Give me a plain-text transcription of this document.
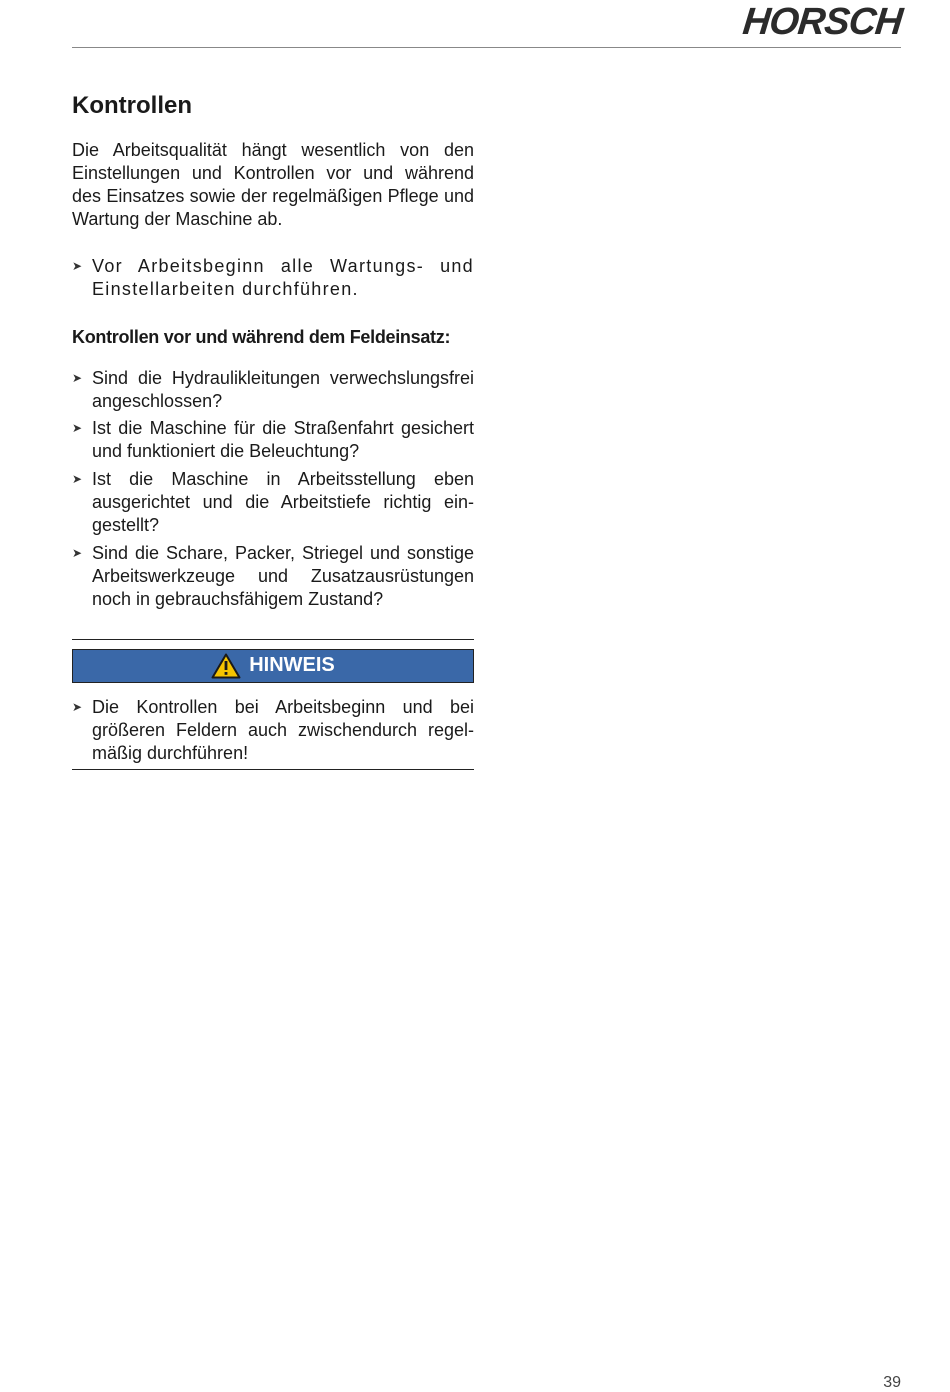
HORSCH
Kontrollen

Die Arbeitsqualität hängt wesentlich von den Einstellungen und Kontrollen vor und während des Einsatzes sowie der regelmäßigen Pflege und Wartung der Maschine ab.

➤ Vor Arbeitsbeginn alle Wartungs- und Einstellarbeiten durchführen.
Kontrollen vor und während dem Feldeinsatz:
➤ Sind die Hydraulikleitungen verwechslungsfrei angeschlossen?
➤ Ist die Maschine für die Straßenfahrt gesichert und funktioniert die Beleuchtung?
➤ Ist die Maschine in Arbeitsstellung eben ausgerichtet und die Arbeitstiefe richtig eingestellt?
➤ Sind die Schare, Packer, Striegel und sonstige Arbeitswerkzeuge und Zusatzausrüstungen noch in gebrauchsfähigem Zustand?
HINWEIS
➤ Die Kontrollen bei Arbeitsbeginn und bei größeren Feldern auch zwischendurch regelmäßig durchführen!
39
